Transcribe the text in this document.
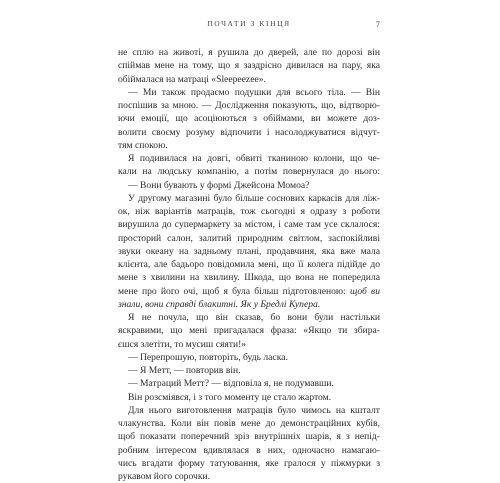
ПОЧАТИ З КІНЦЯ	7
не сплю на животі, я рушила до дверей, але по дорозі він
спіймав мене на тому, що я заздрісно дивилася на пару, яка
обіймалася на матраці «Sleepeezee».
— Ми також продаємо подушки для всього тіла. — Він
поспішив за мною. — Дослідження показують, що, відтворю-
ючи емоції, що асоціюються з обіймами, ви можете доз-
волити своєму розуму відпочити і насолоджуватися відчут-
тям спокою.
Я подивилася на довгі, обвиті тканиною колони, що че-
кали на людську компанію, а потім повернулася до нього:
— Вони бувають у формі Джейсона Момоа?
У другому магазині було більше соснових каркасів для ліж-
ок, ніж варіантів матраців, тож сьогодні я одразу з роботи
вирушила до супермаркету за містом, і саме там усе склалося:
просторий салон, залитий природним світлом, заспокійливі
звуки океану на задньому плані, продавчиня, яка вже мала
клієнта, але бадьоро повідомила мені, що її колега підійде до
мене з хвилини на хвилину. Шкода, що вона не попередила
мене про його очі, щоб я була більш підготовленою: щоб ви
знали, вони справді блакитні. Як у Бредлі Купера.
Я не почула, що він сказав, бо вони були настільки
яскравими, що мені пригадалася фраза: «Якщо ти збира-
єшся злетіти, то мусиш сяяти!»
— Перепрошую, повторіть, будь ласка.
— Я Метт, — повторив він.
— Матраций Метт? — відповіла я, не подумавши.
Він розсміявся, і з того моменту це стало жартом.
Для нього виготовлення матраців було чимось на кшталт
члакунства. Коли він повів мене до демонстраційних кубів,
щоб показати поперечний зріз внутрішніх шарів, я з непід-
робним інтересом вдивлялася в них, одночасно намагаю-
чись вгадати форму татуювання, яке гралося у піжмурки з
рукавом його сорочки.
